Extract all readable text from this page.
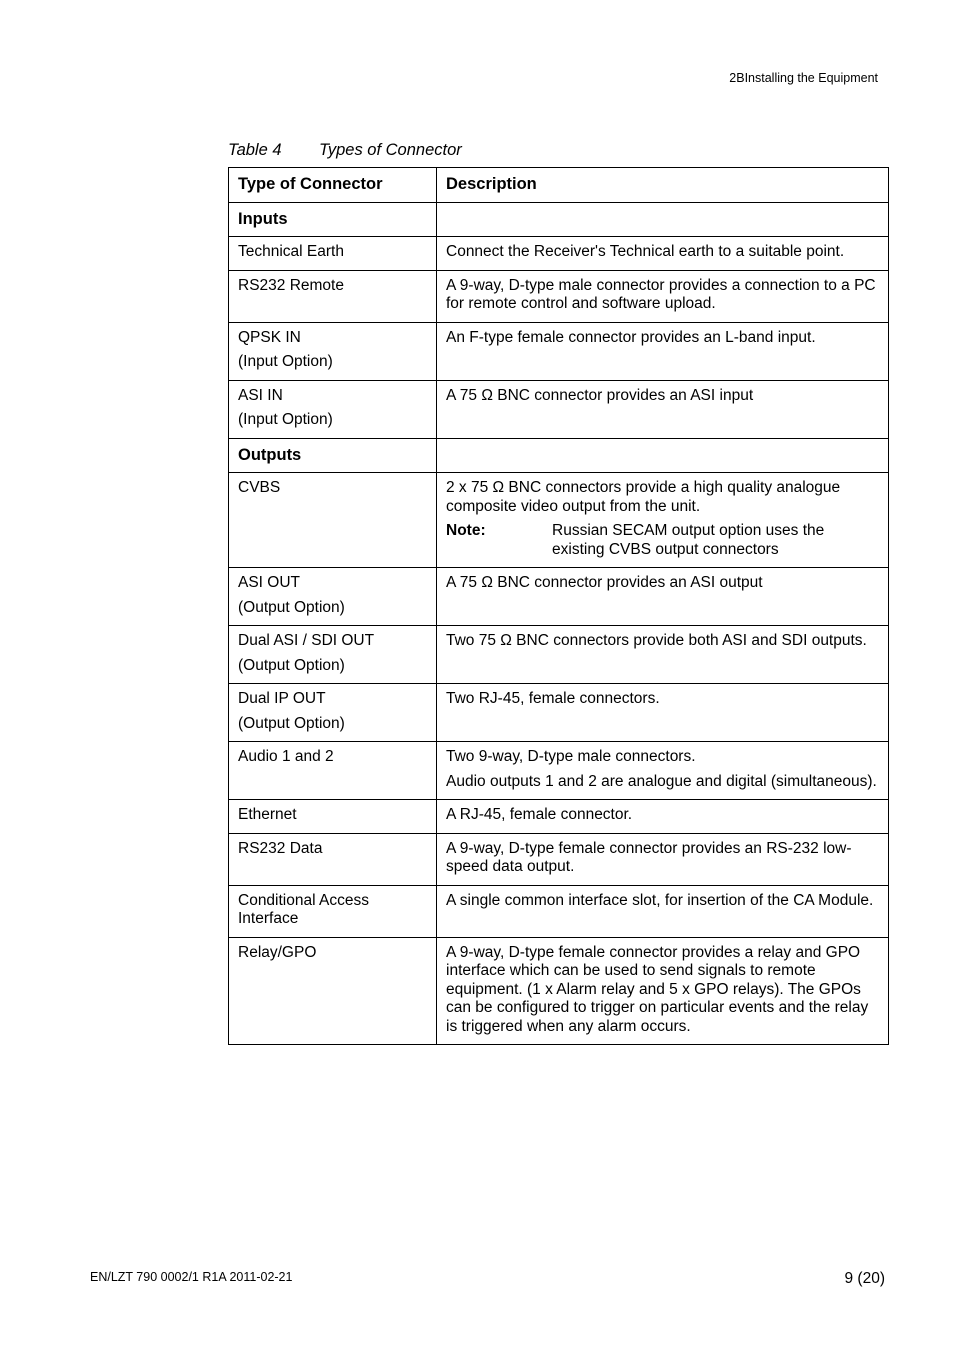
2BInstalling the Equipment
Table 4 Types of Connector
Type of Connector	Description
Inputs	
Technical Earth	Connect the Receiver's Technical earth to a suitable point.
RS232 Remote	A 9-way, D-type male connector provides a connection to a PC for remote control and software upload.

QPSK IN
(Input Option)	An F-type female connector provides an L-band input.

ASI IN
(Input Option)	A 75 Ω BNC connector provides an ASI input
Outputs	
CVBS	2 x 75 Ω BNC connectors provide a high quality analogue composite video output from the unit.
Note: Russian SECAM output option uses the existing CVBS output connectors

ASI OUT
(Output Option)	A 75 Ω BNC connector provides an ASI output

Dual ASI / SDI OUT
(Output Option)	Two 75 Ω BNC connectors provide both ASI and SDI outputs.

Dual IP OUT
(Output Option)	Two RJ-45, female connectors.
Audio 1 and 2	Two 9-way, D-type male connectors.
Audio outputs 1 and 2 are analogue and digital (simultaneous).

Ethernet	A RJ-45, female connector.
RS232 Data	A 9-way, D-type female connector provides an RS-232 low-speed data output.
Conditional Access Interface	A single common interface slot, for insertion of the CA Module.
Relay/GPO	A 9-way, D-type female connector provides a relay and GPO interface which can be used to send signals to remote equipment. (1 x Alarm relay and 5 x GPO relays). The GPOs can be configured to trigger on particular events and the relay is triggered when any alarm occurs.
EN/LZT 790 0002/1 R1A 2011-02-21	9 (20)
